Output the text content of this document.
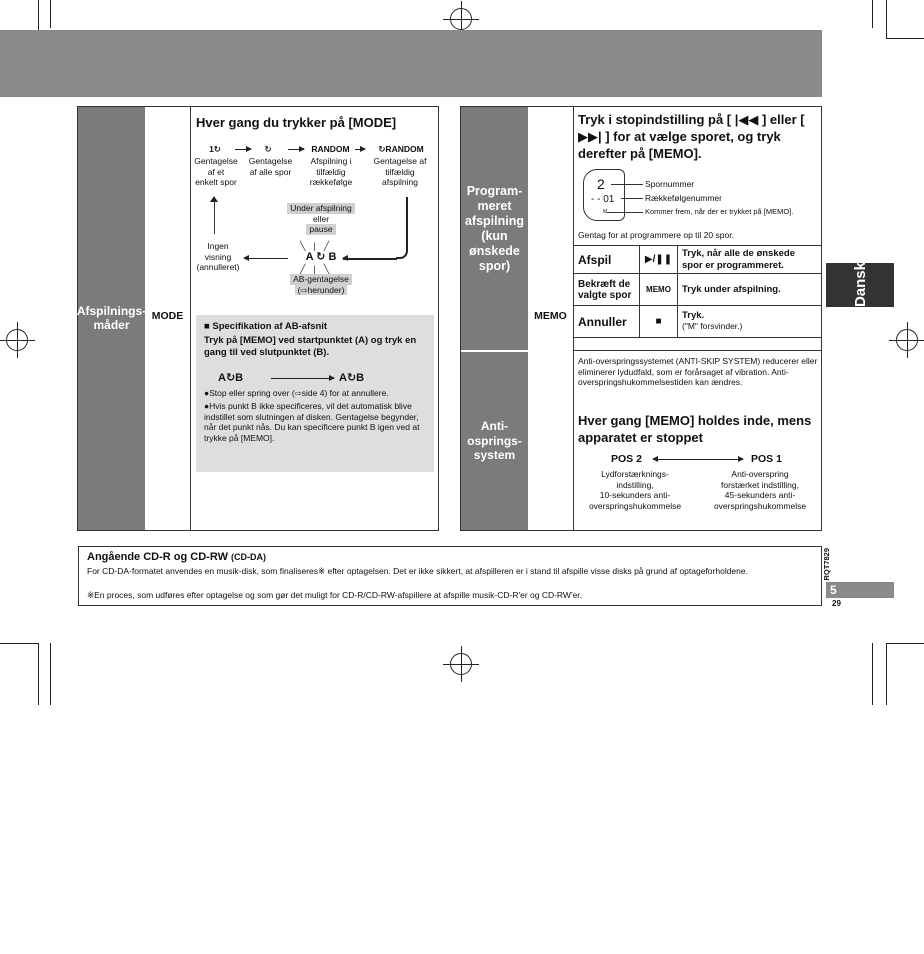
Afspilnings-
måder
MODE
Hver gang du trykker på [MODE]
1↻	↻	RANDOM	↻RANDOM
Gentagelse
af et
enkelt spor
Gentagelse
af alle spor
Afspilning i
tilfældig
rækkefølge
Gentagelse af
tilfældig
afspilning
Ingen
visning
(annulleret)
Under afspilning
eller
pause
A ↻ B
╲|╱
╱|╲
AB-gentagelse
(⇨herunder)
■ Specifikation af AB-afsnit
Tryk på [MEMO] ved startpunktet (A) og tryk en gang til ved slutpunktet (B).
A↻B	A↻B
●Stop eller spring over (⇨side 4) for at annullere.
●Hvis punkt B ikke specificeres, vil det automatisk blive indstillet som slutningen af disken. Gentagelse begynder, når det punkt nås. Du kan specificere punkt B igen ved at trykke på [MEMO].
Program-
meret
afspilning
(kun
ønskede
spor)
Anti-
osprings-
system
MEMO
Tryk i stopindstilling på [ |◀◀ ] eller [ ▶▶| ] for at vælge sporet, og tryk derefter på [MEMO].
2
- - 01
M
Spornummer
Rækkefølgenummer
Kommer frem, når der er trykket på [MEMO].
Gentag for at programmere op til 20 spor.
Afspil	▶/❚❚	Tryk, når alle de ønskede spor er programmeret.
Bekræft de valgte spor	MEMO	Tryk under afspilning.
Annuller	■	Tryk.
("M" forsvinder.)
Anti-overspringssystemet (ANTI-SKIP SYSTEM) reducerer eller eliminerer lydudfald, som er forårsaget af vibration. Anti-overspringshukommelsestiden kan ændres.
Hver gang [MEMO] holdes inde, mens apparatet er stoppet
POS 2	POS 1
Lydforstærknings-
indstilling,
10-sekunders anti-
overspringshukommelse
Anti-overspring
forstærket indstilling,
45-sekunders anti-
overspringshukommelse
Dansk
RQT7829
5
29
Angående CD-R og CD-RW (CD-DA)
For CD-DA-formatet anvendes en musik-disk, som finaliseres※ efter optagelsen. Det er ikke sikkert, at afspilleren er i stand til afspille visse disks på grund af optageforholdene.
※En proces, som udføres efter optagelse og som gør det muligt for CD-R/CD-RW-afspillere at afspille musik-CD-R'er og CD-RW'er.
